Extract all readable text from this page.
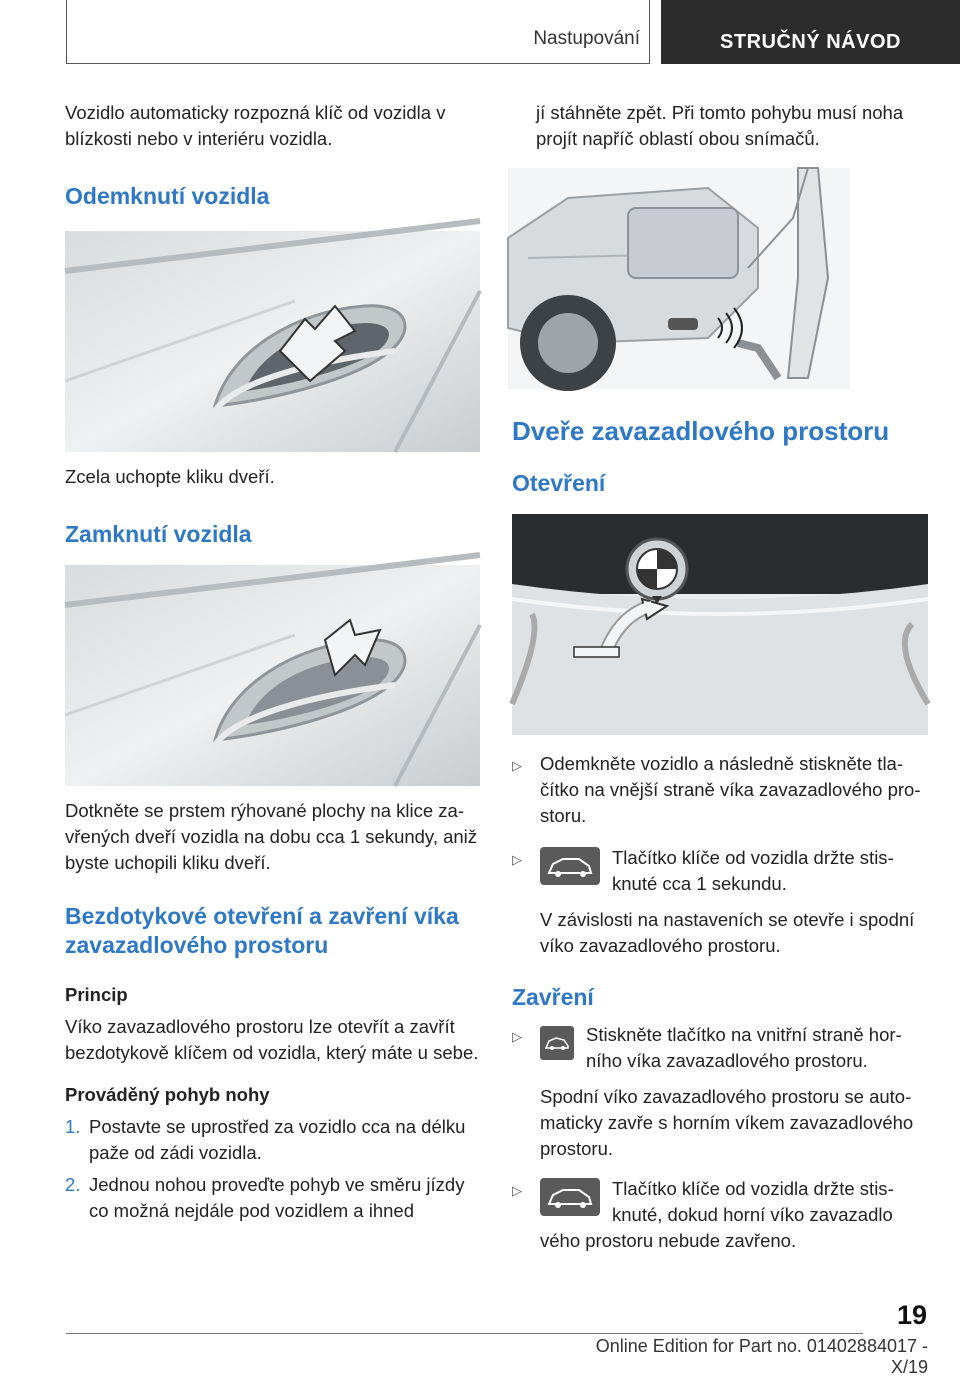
Nastupování	STRUČNÝ NÁVOD

Vozidlo automaticky rozpozná klíč od vozidla v blízkosti nebo v interiéru vozidla.

Odemknutí vozidla

Zcela uchopte kliku dveří.

Zamknutí vozidla

Dotkněte se prstem rýhované plochy na klice zavřených dveří vozidla na dobu cca 1 sekundy, aniž byste uchopili kliku dveří.

Bezdotykové otevření a zavření víka zavazadlového prostoru
Princip

Víko zavazadlového prostoru lze otevřít a zavřít bezdotykově klíčem od vozidla, který máte u sebe.

Prováděný pohyb nohy
1. Postavte se uprostřed za vozidlo cca na délku paže od zádi vozidla.
2. Jednou nohou proveďte pohyb ve směru jízdy co možná nejdále pod vozidlem a ihned

jí stáhněte zpět. Při tomto pohybu musí noha projít napříč oblastí obou snímačů.

Dveře zavazadlového prostoru
Otevření
▷ Odemkněte vozidlo a následně stiskněte tlačítko na vnější straně víka zavazadlového prostoru.
▷	Tlačítko klíče od vozidla držte stisknuté cca 1 sekundu.

V závislosti na nastaveních se otevře i spodní víko zavazadlového prostoru.

Zavření
▷	Stiskněte tlačítko na vnitřní straně horního víka zavazadlového prostoru.

Spodní víko zavazadlového prostoru se automaticky zavře s horním víkem zavazadlového prostoru.

▷	Tlačítko klíče od vozidla držte stisknuté, dokud horní víko zavazadlo

vého prostoru nebude zavřeno.

19
Online Edition for Part no. 01402884017 - X/19
